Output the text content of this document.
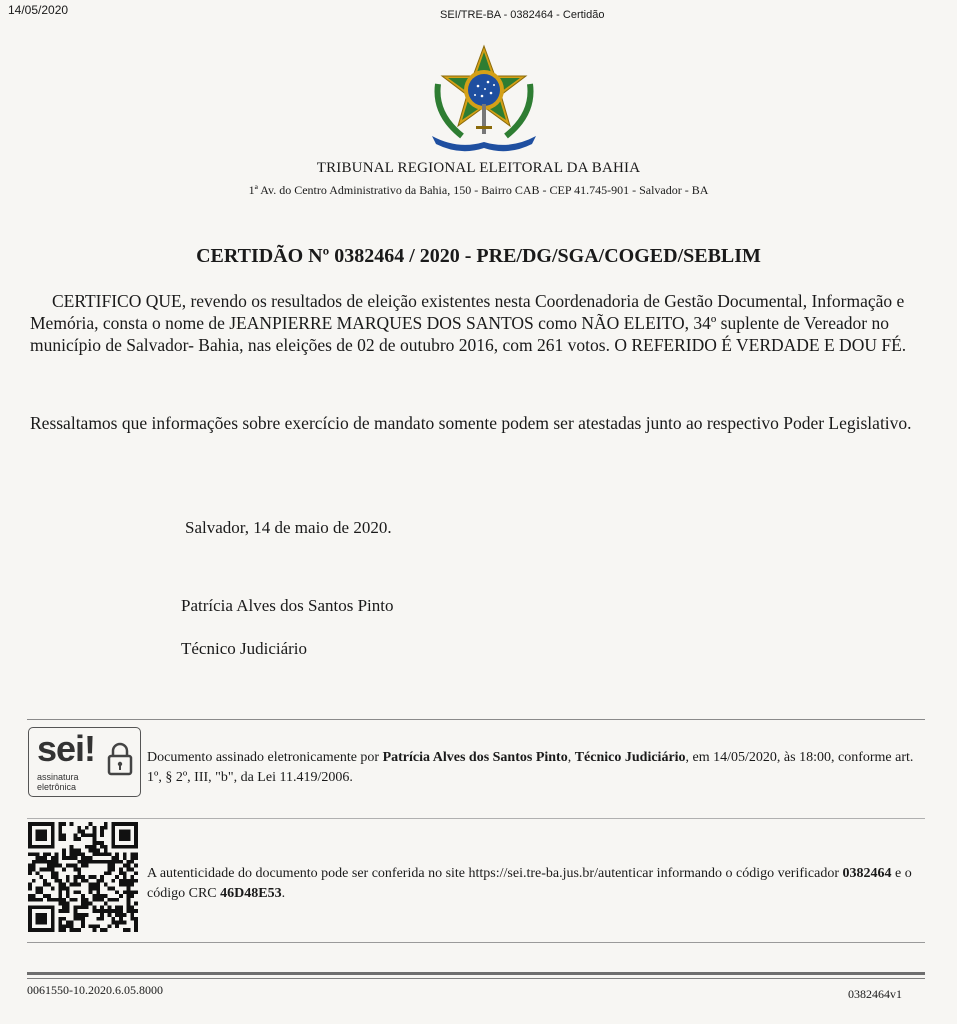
14/05/2020	SEI/TRE-BA - 0382464 - Certidão
TRIBUNAL REGIONAL ELEITORAL DA BAHIA
1ª Av. do Centro Administrativo da Bahia, 150 - Bairro CAB - CEP 41.745-901 - Salvador - BA
CERTIDÃO Nº 0382464 / 2020 - PRE/DG/SGA/COGED/SEBLIM
CERTIFICO QUE, revendo os resultados de eleição existentes nesta Coordenadoria de Gestão Documental, Informação e Memória, consta o nome de JEANPIERRE MARQUES DOS SANTOS como NÃO ELEITO, 34º suplente de Vereador no município de Salvador- Bahia, nas eleições de 02 de outubro 2016, com 261 votos. O REFERIDO É VERDADE E DOU FÉ.
Ressaltamos que informações sobre exercício de mandato somente podem ser atestadas junto ao respectivo Poder Legislativo.
Salvador, 14 de maio de 2020.
Patrícia Alves dos Santos Pinto
Técnico Judiciário
sei!
assinatura
eletrônica
Documento assinado eletronicamente por Patrícia Alves dos Santos Pinto, Técnico Judiciário, em 14/05/2020, às 18:00, conforme art. 1º, § 2º, III, "b", da Lei 11.419/2006.
A autenticidade do documento pode ser conferida no site https://sei.tre-ba.jus.br/autenticar informando o código verificador 0382464 e o código CRC 46D48E53.
0061550-10.2020.6.05.8000	0382464v1
